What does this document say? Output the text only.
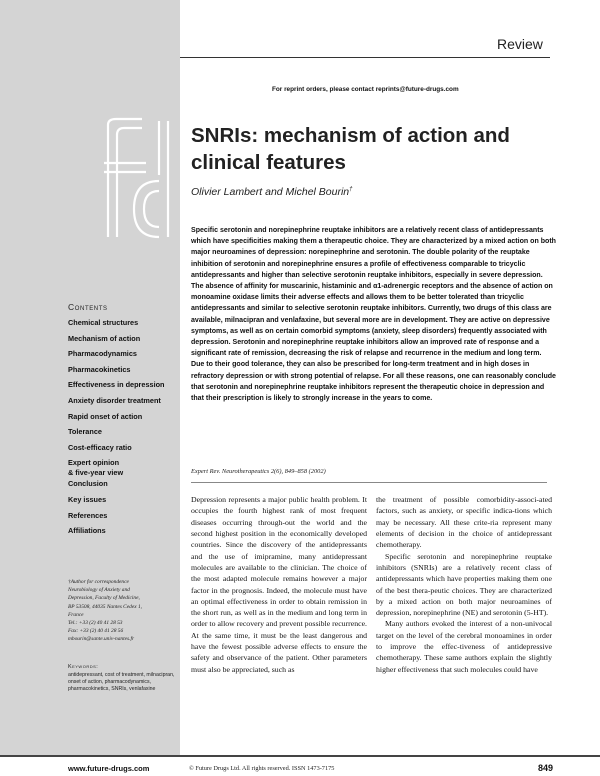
Contents
Chemical structures
Mechanism of action
Pharmacodynamics
Pharmacokinetics
Effectiveness in depression
Anxiety disorder treatment
Rapid onset of action
Tolerance
Cost-efficacy ratio
Expert opinion
& five-year view
Conclusion
Key issues
References
Affiliations
†Author for correspondence
Neurobiology of Anxiety and
Depression, Faculty of Medicine,
BP 53508, 44035 Nantes Cedex 1,
France
Tel.: +33 (2) 40 41 28 53
Fax: +33 (2) 40 41 28 56
mbourin@sante.univ-nantes.fr
Keywords:
antidepressant, cost of treatment, milnacipran, onset of action, pharmacodynamics, pharmacokinetics, SNRIs, venlafaxine
Review
For reprint orders, please contact reprints@future-drugs.com
SNRIs: mechanism of action and clinical features
Olivier Lambert and Michel Bourin†

Specific serotonin and norepinephrine reuptake inhibitors are a relatively recent class of antidepressants which have specificities making them a therapeutic choice. They are characterized by a mixed action on both major neuroamines of depression: norepinephrine and serotonin. The double polarity of the reuptake inhibition of serotonin and norepinephrine ensures a profile of effectiveness comparable to tricyclic antidepressants and higher than selective serotonin reuptake inhibitors, especially in severe depression. The absence of affinity for muscarinic, histaminic and α1-adrenergic receptors and the absence of action on monoamine oxidase limits their adverse effects and allows them to be better tolerated than tricyclic antidepressants and similar to selective serotonin reuptake inhibitors. Currently, two drugs of this class are available, milnacipran and venlafaxine, but several more are in development. They are active on depressive symptoms, as well as on certain comorbid symptoms (anxiety, sleep disorders) frequently associated with depression. Serotonin and norepinephrine reuptake inhibitors allow an improved rate of response and a significant rate of remission, decreasing the risk of relapse and recurrence in the medium and long term. Due to their good tolerance, they can also be prescribed for long-term treatment and in high doses in refractory depression or with strong potential of relapse. For all these reasons, one can reasonably conclude that serotonin and norepinephrine reuptake inhibitors represent the therapeutic choice in depression and that their prescription is likely to strongly increase in the years to come.

Expert Rev. Neurotherapeutics 2(6), 849–858 (2002)

Depression represents a major public health problem. It occupies the fourth highest rank of most frequent diseases occurring through-out the world and the second highest position in the economically developed countries. Since the discovery of the antidepressants and the use of imipramine, many antidepressant molecules are available to the clinician. The choice of the most adapted molecule remains however a major factor in the prognosis. Indeed, the molecule must have an optimal effectiveness in order to obtain remission in the short run, as well as in the medium and long term in order to allow recovery and prevent possible recurrence. At the same time, it must be the least dangerous and have the fewest possible adverse effects to ensure the safety and observance of the patient. Other parameters must also be appreciated, such as

the treatment of possible comorbidity-associ-ated factors, such as anxiety, or specific indica-tions which may be necessary. All these crite-ria represent many elements of decision in the choice of antidepressant chemotherapy.

Specific serotonin and norepinephrine reuptake inhibitors (SNRIs) are a relatively recent class of antidepressants which have properties making them one of the best thera-peutic choices. They are characterized by a mixed action on both major neuroamines of depression, norepinephrine (NE) and serotonin (5-HT).

Many authors evoked the interest of a non-univocal target on the level of the cerebral monoamines in order to improve the effec-tiveness of antidepressive chemotherapy. These same authors explain the slightly higher effectiveness that such molecules could have

www.future-drugs.com	© Future Drugs Ltd. All rights reserved. ISSN 1473-7175	849
